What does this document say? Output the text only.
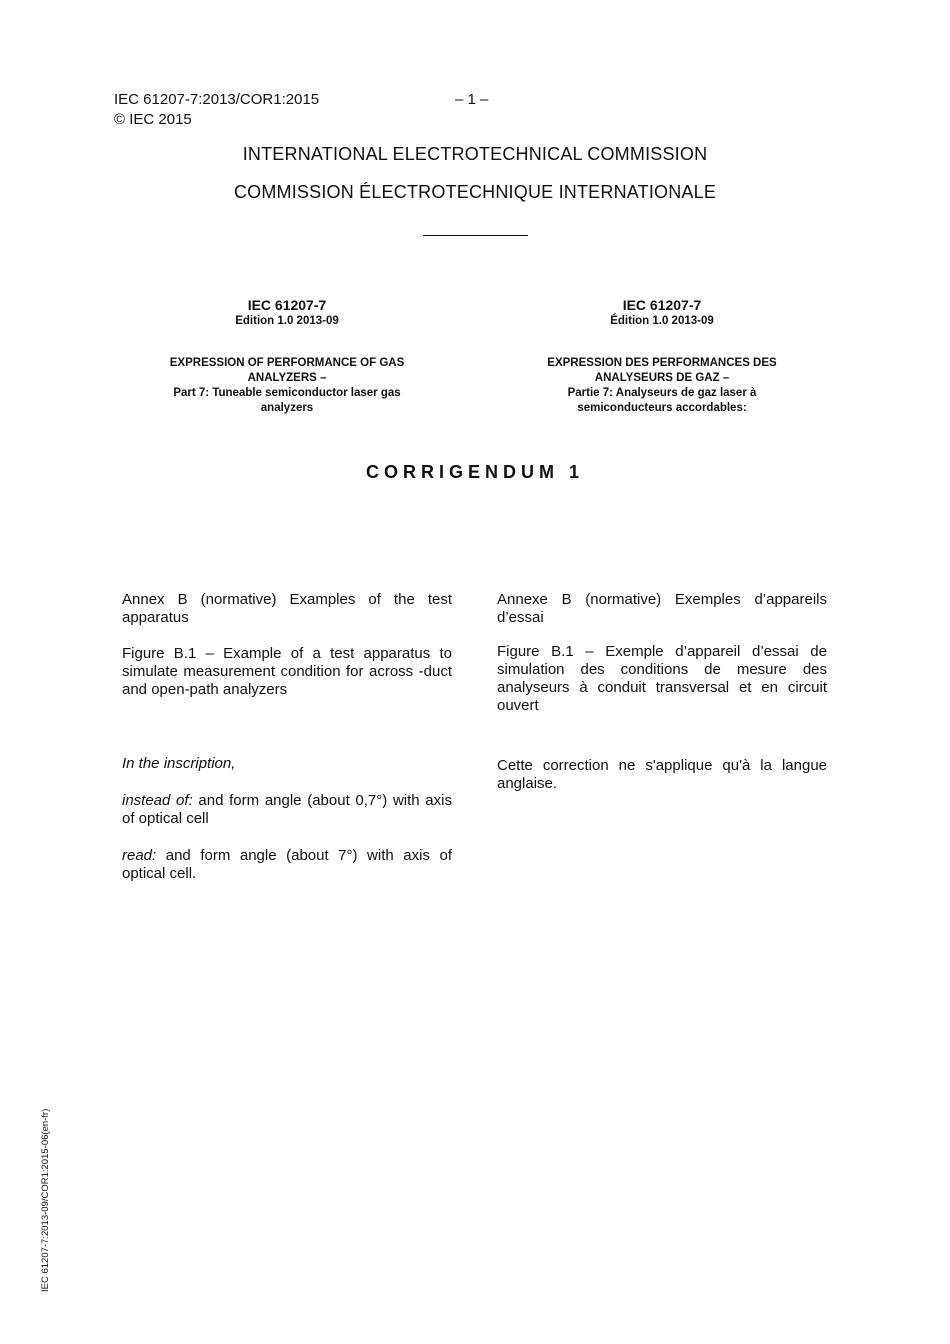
IEC 61207-7:2013/COR1:2015	– 1 –
© IEC 2015
INTERNATIONAL ELECTROTECHNICAL COMMISSION
COMMISSION ÉLECTROTECHNIQUE INTERNATIONALE
IEC 61207-7
Edition 1.0 2013-09
EXPRESSION OF PERFORMANCE OF GAS
ANALYZERS –
Part 7: Tuneable semiconductor laser gas
analyzers
IEC 61207-7
Édition 1.0 2013-09
EXPRESSION DES PERFORMANCES DES
ANALYSEURS DE GAZ –
Partie 7: Analyseurs de gaz laser à
semiconducteurs accordables:
CORRIGENDUM 1

Annex B (normative) Examples of the test apparatus

Figure B.1 – Example of a test apparatus to simulate measurement condition for across -duct and open-path analyzers

In the inscription,

instead of: and form angle (about 0,7°) with axis of optical cell

read: and form angle (about 7°) with axis of optical cell.

Annexe B (normative) Exemples d’appareils d’essai

Figure B.1 – Exemple d’appareil d’essai de simulation des conditions de mesure des analyseurs à conduit transversal et en circuit ouvert

Cette correction ne s'applique qu'à la langue anglaise.

IEC 61207-7:2013-09/COR1:2015-06(en-fr)
